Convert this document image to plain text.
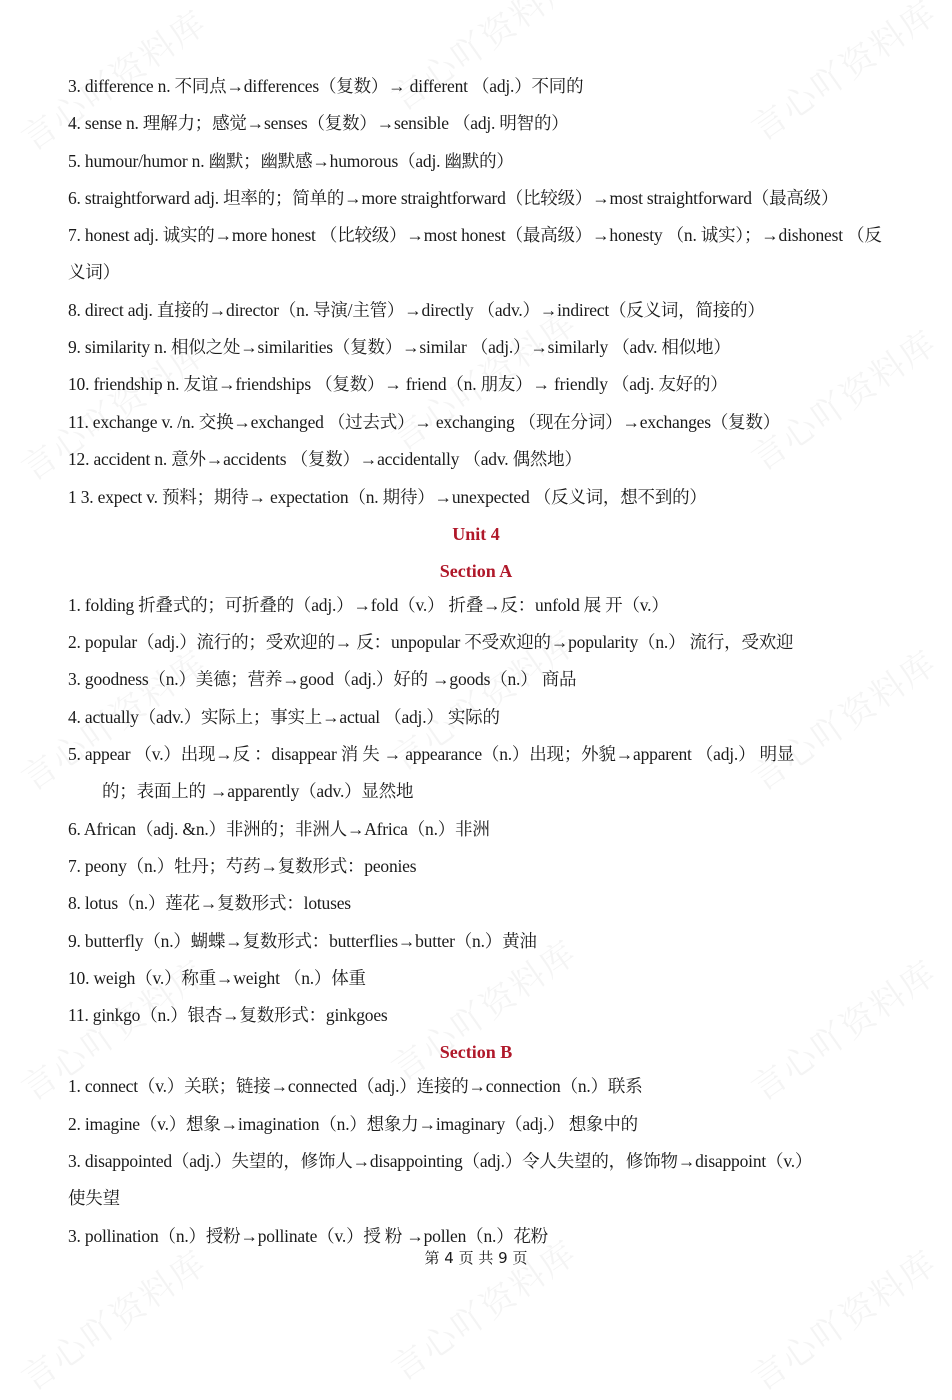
3. difference n. 不同点→differences（复数）→ different （adj.）不同的
4. sense n. 理解力；感觉→senses（复数）→sensible （adj. 明智的）
5. humour/humor n. 幽默；幽默感→humorous（adj. 幽默的）
6. straightforward adj. 坦率的；简单的→more straightforward（比较级）→most straightforward（最高级）
7. honest adj. 诚实的→more honest （比较级）→most honest（最高级）→honesty （n. 诚实）；→dishonest （反
义词）
8. direct adj. 直接的→director（n. 导演/主管）→directly （adv.）→indirect（反义词，简接的）
9. similarity n. 相似之处→similarities（复数）→similar （adj.）→similarly （adv. 相似地）
10. friendship n. 友谊→friendships （复数）→ friend（n. 朋友）→ friendly （adj. 友好的）
11. exchange v. /n. 交换→exchanged （过去式）→ exchanging （现在分词）→exchanges（复数）
12. accident n. 意外→accidents （复数）→accidentally （adv. 偶然地）
1 3. expect v. 预料；期待→ expectation（n. 期待）→unexpected （反义词，想不到的）
Unit 4
Section A
1. folding 折叠式的；可折叠的（adj.）→fold（v.） 折叠→反：unfold 展 开（v.）
2. popular（adj.）流行的；受欢迎的→ 反：unpopular 不受欢迎的→popularity（n.） 流行，受欢迎
3. goodness（n.）美德；营养→good（adj.）好的 →goods（n.） 商品
4. actually（adv.）实际上；事实上→actual （adj.） 实际的
5. appear （v.）出现→反 ：disappear 消 失 → appearance（n.）出现；外貌→apparent （adj.） 明显
的；表面上的 →apparently（adv.）显然地
6. African（adj. &n.）非洲的；非洲人→Africa（n.）非洲
7. peony（n.）牡丹；芍药→复数形式：peonies
8. lotus（n.）莲花→复数形式：lotuses
9. butterfly（n.）蝴蝶→复数形式：butterflies→butter（n.）黄油
10. weigh（v.）称重→weight （n.）体重
11. ginkgo（n.）银杏→复数形式：ginkgoes
Section B
1. connect（v.）关联；链接→connected（adj.）连接的→connection（n.）联系
2. imagine（v.）想象→imagination（n.）想象力→imaginary（adj.） 想象中的
3. disappointed（adj.）失望的，修饰人→disappointing（adj.）令人失望的，修饰物→disappoint（v.）
使失望
3. pollination（n.）授粉→pollinate（v.）授 粉 →pollen（n.）花粉
第 4 页 共 9 页
